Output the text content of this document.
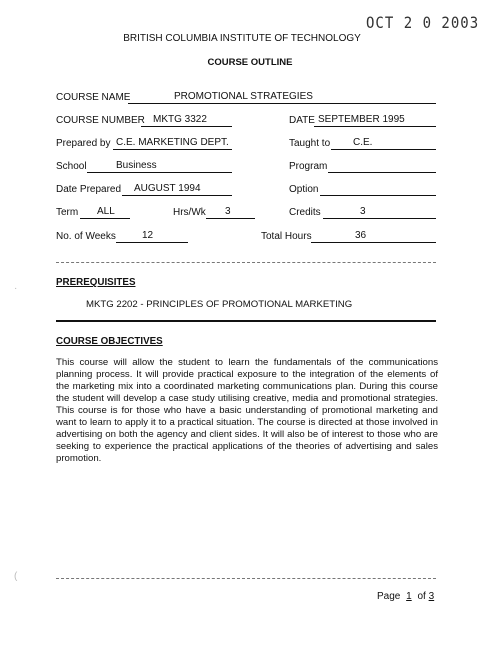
OCT 2 0 2003
BRITISH COLUMBIA INSTITUTE OF TECHNOLOGY
COURSE OUTLINE
COURSE NAME	PROMOTIONAL STRATEGIES
COURSE NUMBER MKTG 3322	DATE SEPTEMBER 1995
Prepared by C.E. MARKETING DEPT.	Taught to C.E.
School	Business	Program
Date Prepared AUGUST 1994	Option
Term ALL	Hrs/Wk 3	Credits	3
No. of Weeks	12	Total Hours	36
PREREQUISITES
MKTG 2202 - PRINCIPLES OF PROMOTIONAL MARKETING
COURSE OBJECTIVES
This course will allow the student to learn the fundamentals of the communications planning process. It will provide practical exposure to the integration of the elements of the marketing mix into a coordinated marketing communications plan. During this course the student will develop a case study utilising creative, media and promotional strategies. This course is for those who have a basic understanding of promotional marketing and want to learn to apply it to a practical situation. The course is directed at those involved in advertising on both the agency and client sides. It will also be of interest to those who are seeking to experience the practical applications of the theories of advertising and sales promotion.
·
(
Page 1 of 3
